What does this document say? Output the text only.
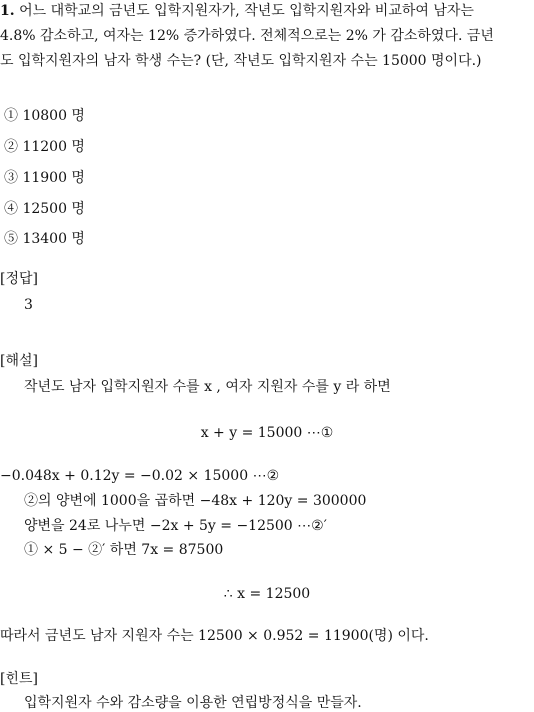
1. 어느 대학교의 금년도 입학지원자가, 작년도 입학지원자와 비교하여 남자는
4.8% 감소하고, 여자는 12% 증가하였다. 전체적으로는 2% 가 감소하였다. 금년
도 입학지원자의 남자 학생 수는? (단, 작년도 입학지원자 수는 15000 명이다.)
① 10800 명
② 11200 명
③ 11900 명
④ 12500 명
⑤ 13400 명
[정답]
3
[해설]
작년도 남자 입학지원자 수를 x , 여자 지원자 수를 y 라 하면
x + y = 15000 ⋯①
−0.048x + 0.12y = −0.02 × 15000 ⋯②
②의 양변에 1000을 곱하면 −48x + 120y = 300000
양변을 24로 나누면 −2x + 5y = −12500 ⋯②′
① × 5 − ②′ 하면 7x = 87500
∴ x = 12500
따라서 금년도 남자 지원자 수는 12500 × 0.952 = 11900(명) 이다.
[힌트]
입학지원자 수와 감소량을 이용한 연립방정식을 만들자.
